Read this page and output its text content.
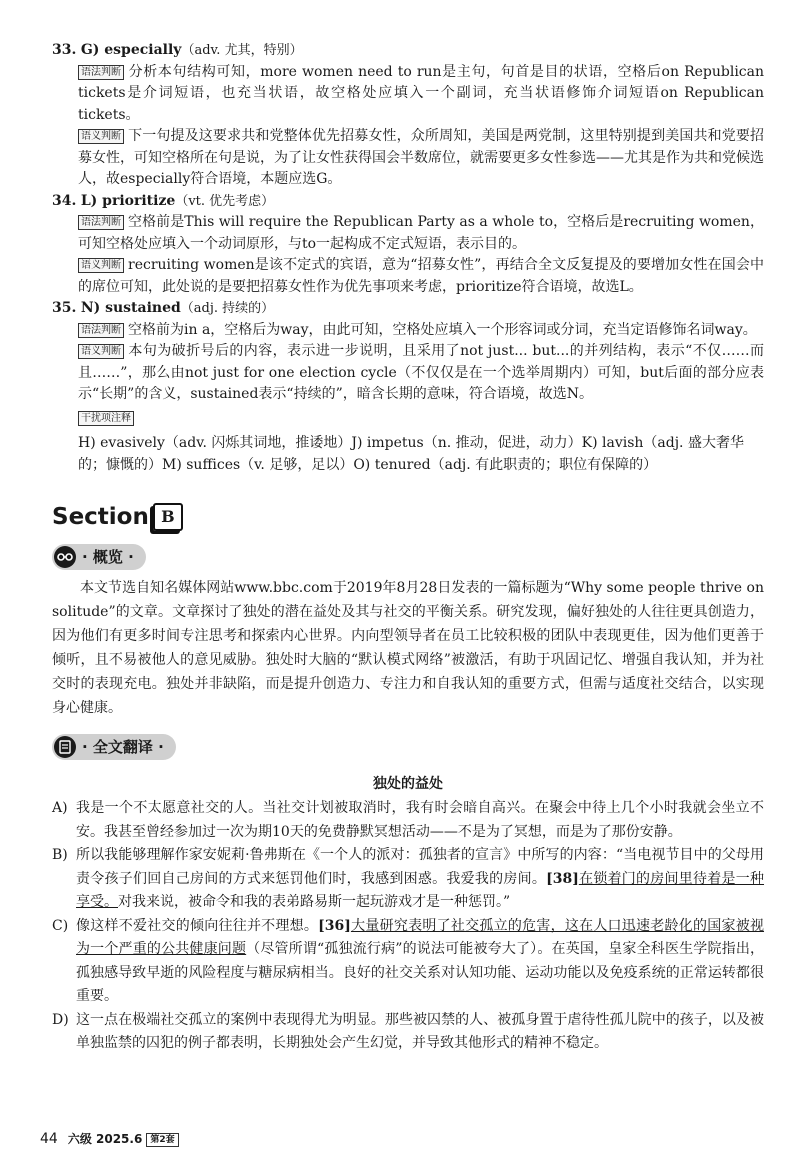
33. G) especially（adv. 尤其，特别）

语法判断 分析本句结构可知，more women need to run是主句，句首是目的状语，空格后on Republican tickets是介词短语，也充当状语，故空格处应填入一个副词，充当状语修饰介词短语on Republican tickets。

语义判断 下一句提及这要求共和党整体优先招募女性，众所周知，美国是两党制，这里特别提到美国共和党要招募女性，可知空格所在句是说，为了让女性获得国会半数席位，就需要更多女性参选——尤其是作为共和党候选人，故especially符合语境，本题应选G。

34. L) prioritize（vt. 优先考虑）

语法判断 空格前是This will require the Republican Party as a whole to，空格后是recruiting women，可知空格处应填入一个动词原形，与to一起构成不定式短语，表示目的。

语义判断 recruiting women是该不定式的宾语，意为“招募女性”，再结合全文反复提及的要增加女性在国会中的席位可知，此处说的是要把招募女性作为优先事项来考虑，prioritize符合语境，故选L。

35. N) sustained（adj. 持续的）

语法判断 空格前为in a，空格后为way，由此可知，空格处应填入一个形容词或分词，充当定语修饰名词way。

语义判断 本句为破折号后的内容，表示进一步说明，且采用了not just... but...的并列结构，表示“不仅……而且……”，那么由not just for one election cycle（不仅仅是在一个选举周期内）可知，but后面的部分应表示“长期”的含义，sustained表示“持续的”，暗含长期的意味，符合语境，故选N。

干扰项注释

H) evasively（adv. 闪烁其词地，推诿地）J) impetus（n. 推动，促进，动力）K) lavish（adj. 盛大奢华的；慷慨的）M) suffices（v. 足够，足以）O) tenured（adj. 有此职责的；职位有保障的）

Section B
· 概览 ·

本文节选自知名媒体网站www.bbc.com于2019年8月28日发表的一篇标题为“Why some people thrive on solitude”的文章。文章探讨了独处的潜在益处及其与社交的平衡关系。研究发现，偏好独处的人往往更具创造力，因为他们有更多时间专注思考和探索内心世界。内向型领导者在员工比较积极的团队中表现更佳，因为他们更善于倾听，且不易被他人的意见威胁。独处时大脑的“默认模式网络”被激活，有助于巩固记忆、增强自我认知，并为社交时的表现充电。独处并非缺陷，而是提升创造力、专注力和自我认知的重要方式，但需与适度社交结合，以实现身心健康。

· 全文翻译 ·
独处的益处

A) 我是一个不太愿意社交的人。当社交计划被取消时，我有时会暗自高兴。在聚会中待上几个小时我就会坐立不安。我甚至曾经参加过一次为期10天的免费静默冥想活动——不是为了冥想，而是为了那份安静。

B) 所以我能够理解作家安妮莉·鲁弗斯在《一个人的派对：孤独者的宣言》中所写的内容：“当电视节目中的父母用责令孩子们回自己房间的方式来惩罚他们时，我感到困惑。我爱我的房间。[38]在锁着门的房间里待着是一种享受。对我来说，被命令和我的表弟路易斯一起玩游戏才是一种惩罚。”

C) 像这样不爱社交的倾向往往并不理想。[36]大量研究表明了社交孤立的危害，这在人口迅速老龄化的国家被视为一个严重的公共健康问题（尽管所谓“孤独流行病”的说法可能被夸大了）。在英国，皇家全科医生学院指出，孤独感导致早逝的风险程度与糖尿病相当。良好的社交关系对认知功能、运动功能以及免疫系统的正常运转都很重要。

D) 这一点在极端社交孤立的案例中表现得尤为明显。那些被囚禁的人、被孤身置于虐待性孤儿院中的孩子，以及被单独监禁的囚犯的例子都表明，长期独处会产生幻觉，并导致其他形式的精神不稳定。

44 六级 2025.6 第2套
